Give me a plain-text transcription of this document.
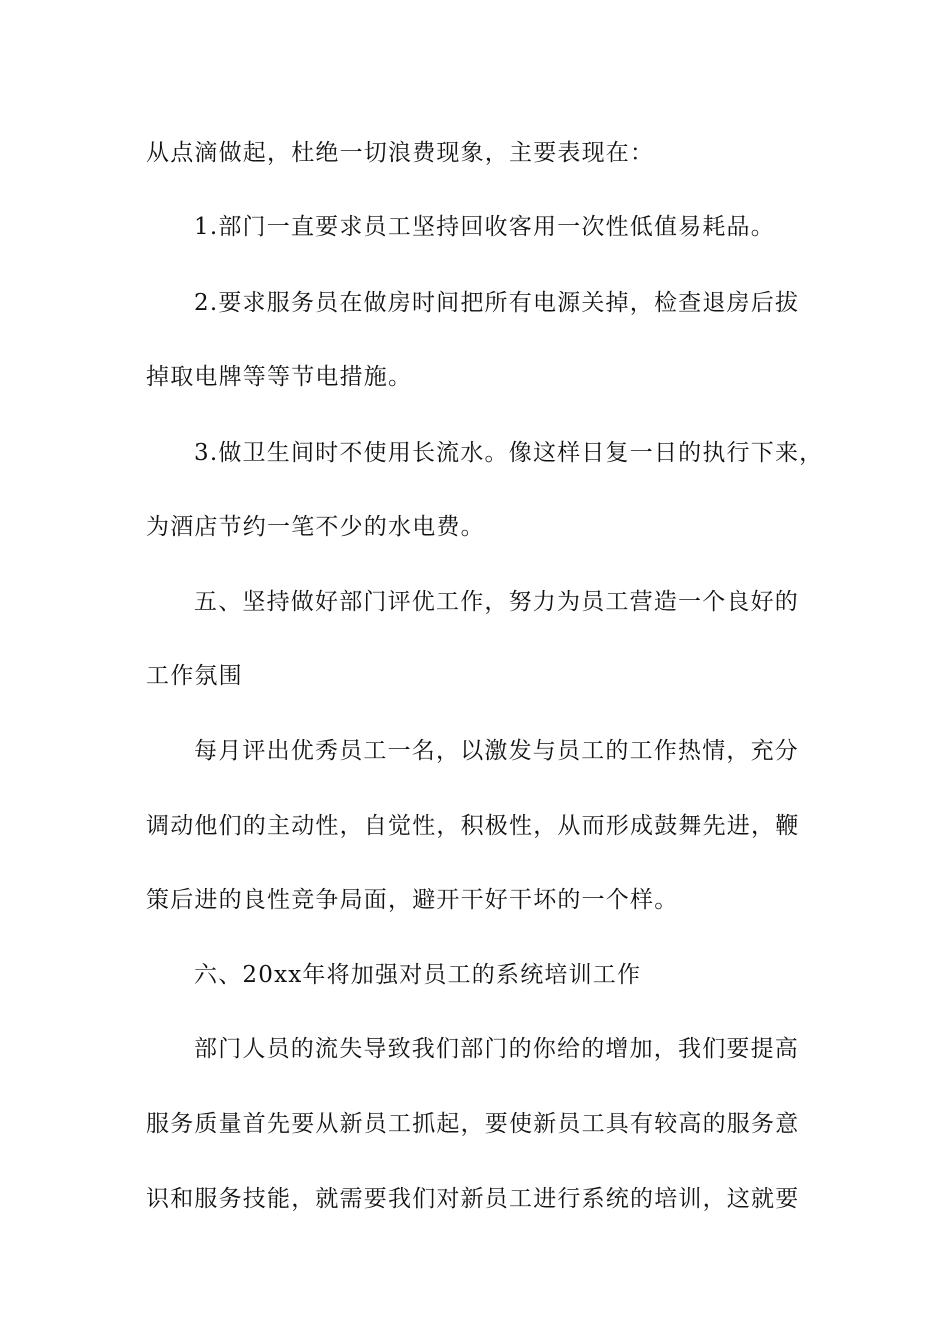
从点滴做起，杜绝一切浪费现象，主要表现在：
1.部门一直要求员工坚持回收客用一次性低值易耗品。
2.要求服务员在做房时间把所有电源关掉，检查退房后拔
掉取电牌等等节电措施。
3.做卫生间时不使用长流水。像这样日复一日的执行下来，
为酒店节约一笔不少的水电费。
五、坚持做好部门评优工作，努力为员工营造一个良好的
工作氛围
每月评出优秀员工一名，以激发与员工的工作热情，充分
调动他们的主动性，自觉性，积极性，从而形成鼓舞先进，鞭
策后进的良性竞争局面，避开干好干坏的一个样。
六、20xx年将加强对员工的系统培训工作
部门人员的流失导致我们部门的你给的增加，我们要提高
服务质量首先要从新员工抓起，要使新员工具有较高的服务意
识和服务技能，就需要我们对新员工进行系统的培训，这就要
